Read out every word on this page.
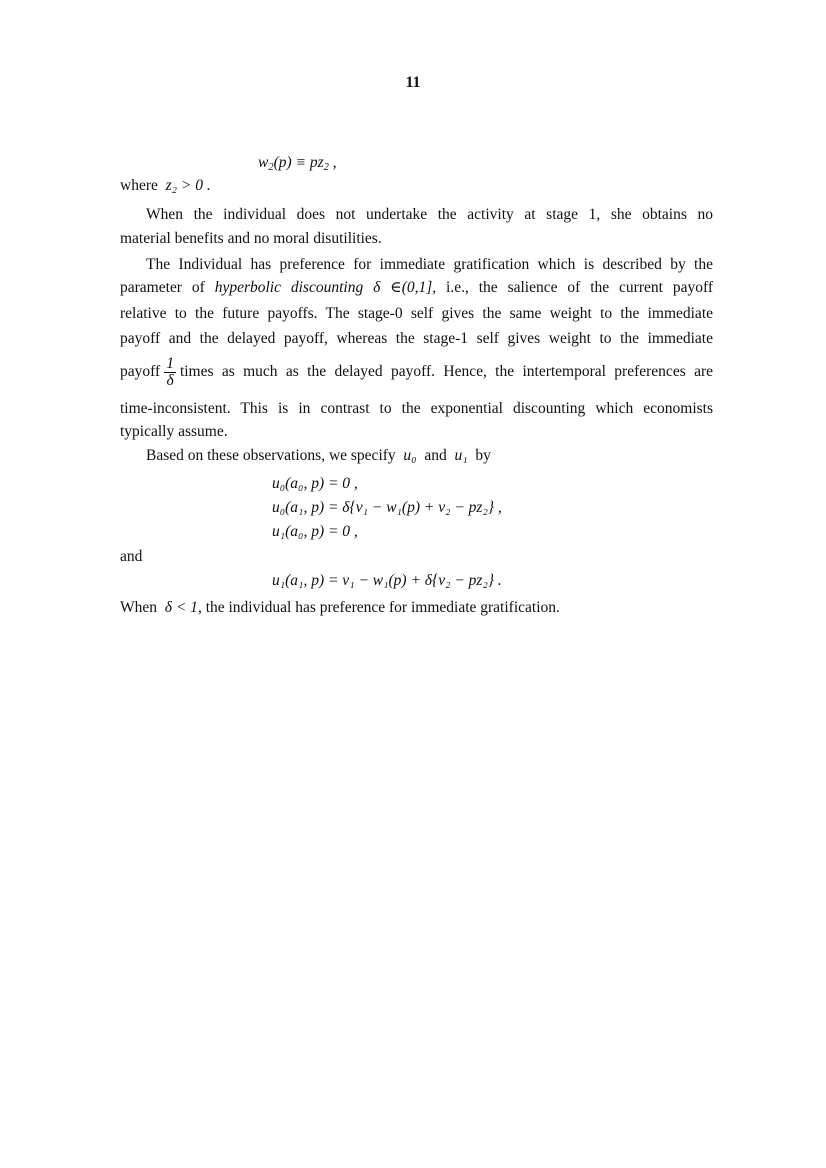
11
$w_2(p) \equiv pz_2$ ,
where z₂ > 0 .
When the individual does not undertake the activity at stage 1, she obtains no
material benefits and no moral disutilities.
The Individual has preference for immediate gratification which is described by the
parameter of hyperbolic discounting δ ∈(0,1], i.e., the salience of the current payoff
relative to the future payoffs. The stage-0 self gives the same weight to the immediate
payoff and the delayed payoff, whereas the stage-1 self gives weight to the immediate
payoff $\frac{1}{\delta}$ times as much as the delayed payoff. Hence, the intertemporal preferences are
time-inconsistent. This is in contrast to the exponential discounting which economists
typically assume.
Based on these observations, we specify u₀ and u₁ by
u₀(a₀, p) = 0 ,
u₀(a₁, p) = δ{v₁ − w₁(p) + v₂ − pz₂} ,
u₁(a₀, p) = 0 ,
and
u₁(a₁, p) = v₁ − w₁(p) + δ{v₂ − pz₂} .
When δ < 1, the individual has preference for immediate gratification.
